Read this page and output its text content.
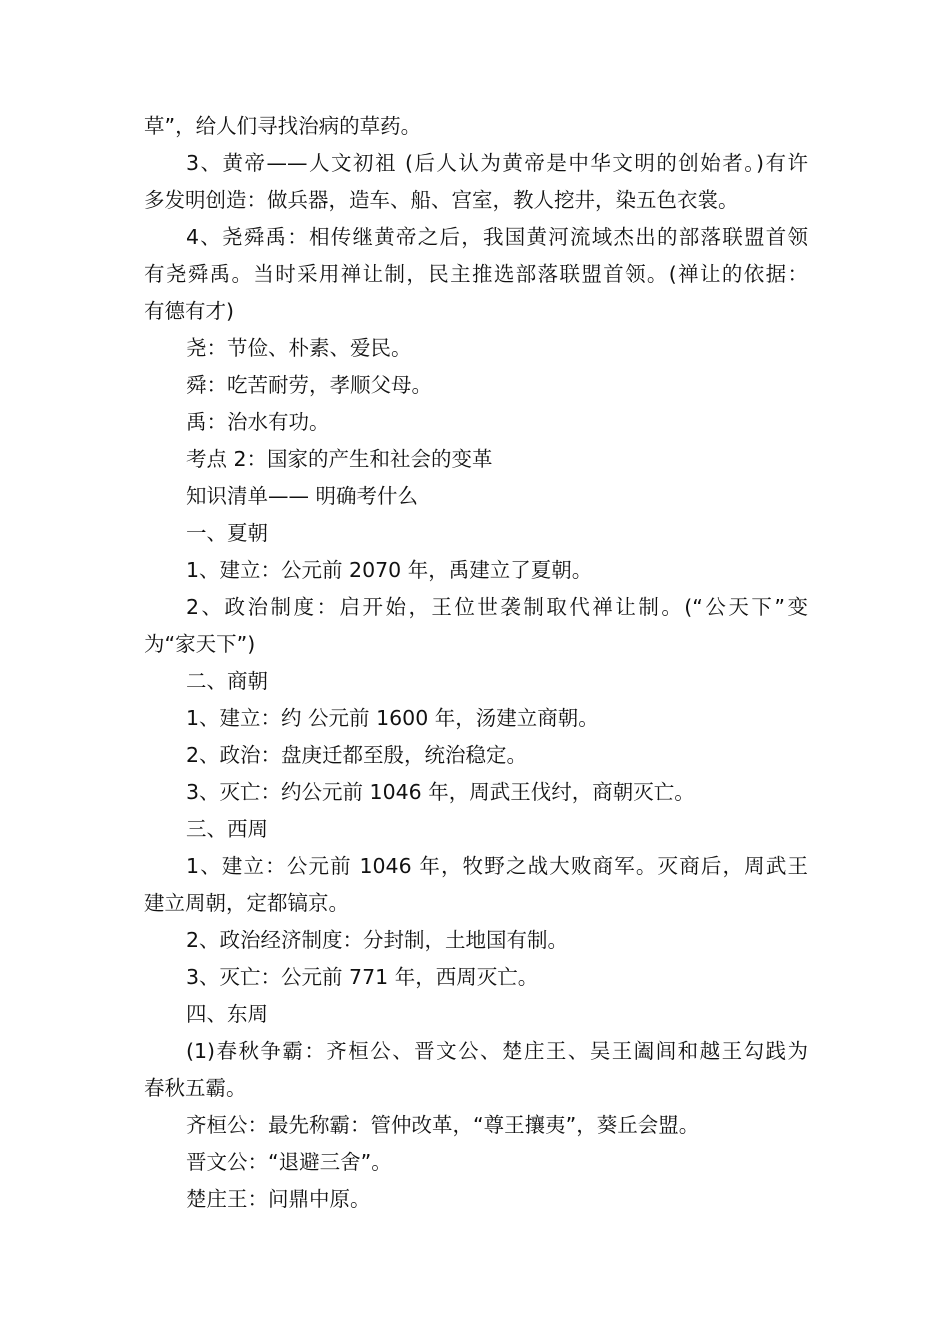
草”，给人们寻找治病的草药。
3、黄帝——人文初祖 (后人认为黄帝是中华文明的创始者。)有许
多发明创造：做兵器，造车、船、宫室，教人挖井，染五色衣裳。
4、尧舜禹：相传继黄帝之后，我国黄河流域杰出的部落联盟首领
有尧舜禹。当时采用禅让制，民主推选部落联盟首领。(禅让的依据：
有德有才)
尧：节俭、朴素、爱民。
舜：吃苦耐劳，孝顺父母。
禹：治水有功。
考点 2：国家的产生和社会的变革
知识清单—— 明确考什么
一、夏朝
1、建立：公元前 2070 年，禹建立了夏朝。
2、政治制度：启开始，王位世袭制取代禅让制。(“公天下”变
为“家天下”)
二、商朝
1、建立：约 公元前 1600 年，汤建立商朝。
2、政治：盘庚迁都至殷，统治稳定。
3、灭亡：约公元前 1046 年，周武王伐纣，商朝灭亡。
三、西周
1、建立：公元前 1046 年，牧野之战大败商军。灭商后，周武王
建立周朝，定都镐京。
2、政治经济制度：分封制，土地国有制。
3、灭亡：公元前 771 年，西周灭亡。
四、东周
(1)春秋争霸：齐桓公、晋文公、楚庄王、吴王阖闾和越王勾践为
春秋五霸。
齐桓公：最先称霸：管仲改革，“尊王攘夷”，葵丘会盟。
晋文公：“退避三舍”。
楚庄王：问鼎中原。
